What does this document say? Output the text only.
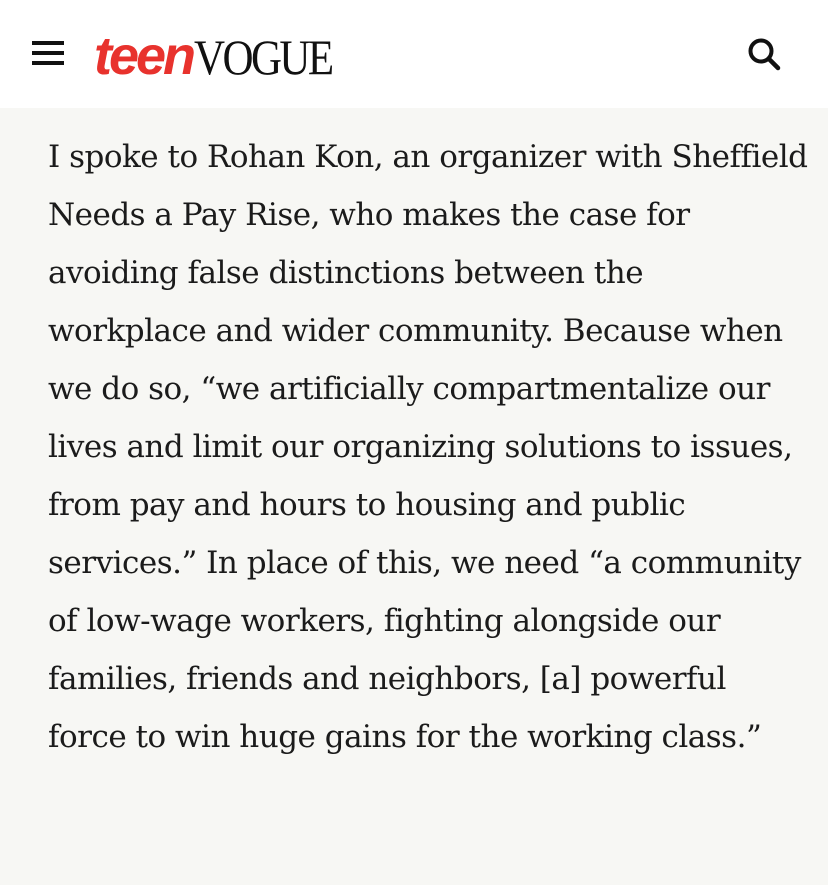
teen VOGUE

I spoke to Rohan Kon, an organizer with Sheffield Needs a Pay Rise, who makes the case for avoiding false distinctions between the workplace and wider community. Because when we do so, “we artificially compartmentalize our lives and limit our organizing solutions to issues, from pay and hours to housing and public services.” In place of this, we need “a community of low-wage workers, fighting alongside our families, friends and neighbors, [a] powerful force to win huge gains for the working class.”
